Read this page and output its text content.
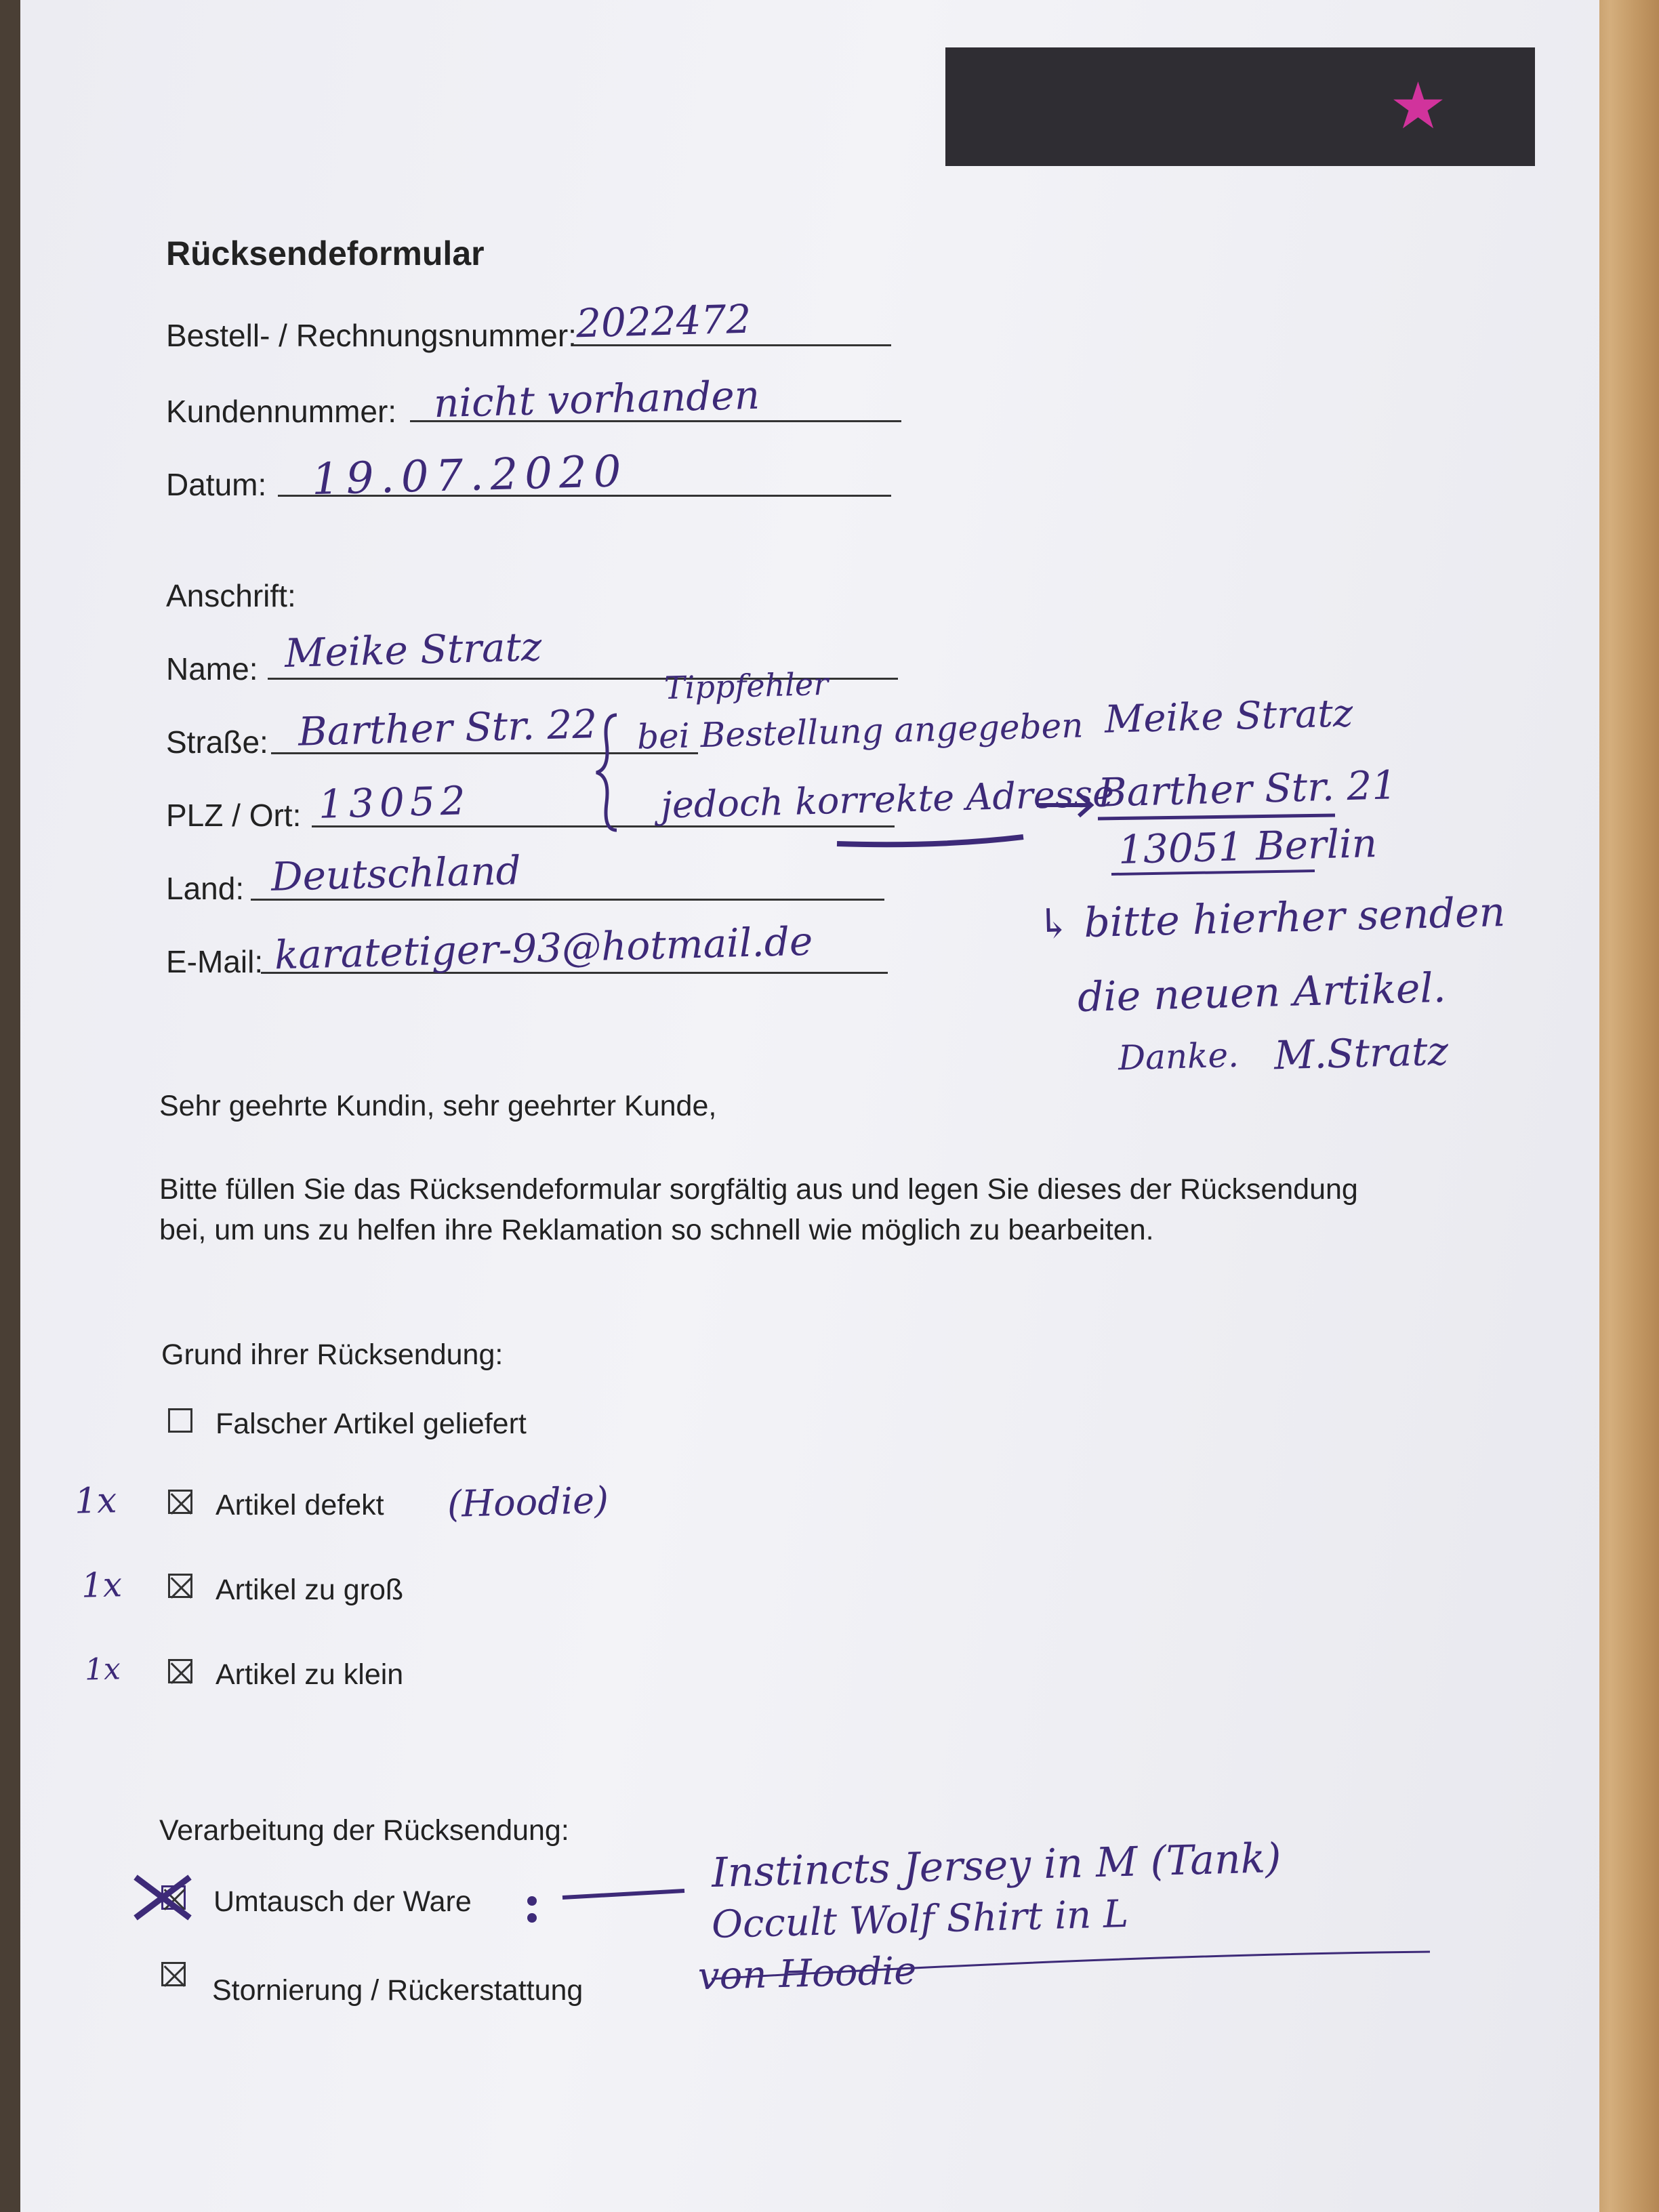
★
Rücksendeformular
Bestell- / Rechnungsnummer:
2022472
Kundennummer: nicht vorhanden
Datum: 19.07.2020
Anschrift:
Name: Meike Stratz
Straße: Barther Str. 22
PLZ / Ort: 13052
Land: Deutschland
E-Mail: karatetiger-93@hotmail.de
Tippfehler
bei Bestellung angegeben
jedoch korrekte Adresse
Meike Stratz
Barther Str. 21
13051 Berlin
↳ bitte hierher senden
die neuen Artikel.
Danke. M.Stratz
Sehr geehrte Kundin, sehr geehrter Kunde,
Bitte füllen Sie das Rücksendeformular sorgfältig aus und legen Sie dieses der Rücksendung bei, um uns zu helfen ihre Reklamation so schnell wie möglich zu bearbeiten.
Grund ihrer Rücksendung:
Falscher Artikel geliefert
1x	Artikel defekt (Hoodie)
1x	Artikel zu groß
1x	Artikel zu klein
Verarbeitung der Rücksendung:
Umtausch der Ware
Instincts Jersey in M (Tank)
Occult Wolf Shirt in L
von Hoodie
Stornierung / Rückerstattung
